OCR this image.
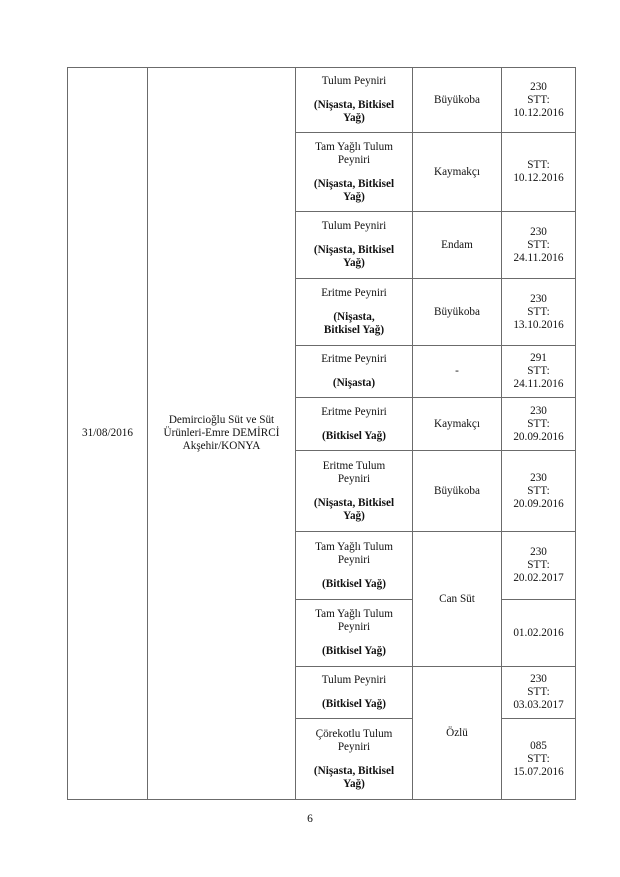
31/08/2016	Demircioğlu Süt ve Süt
Ürünleri-Emre DEMİRCİ
Akşehir/KONYA	Tulum Peyniri
(Nişasta, Bitkisel
Yağ)	Büyükoba	230
STT:
10.12.2016

		Tam Yağlı Tulum
Peyniri
(Nişasta, Bitkisel
Yağ)	Kaymakçı	STT:
10.12.2016

		Tulum Peyniri
(Nişasta, Bitkisel
Yağ)	Endam	230
STT:
24.11.2016

		Eritme Peyniri
(Nişasta,
Bitkisel Yağ)	Büyükoba	230
STT:
13.10.2016

		Eritme Peyniri
(Nişasta)	-	291
STT:
24.11.2016

		Eritme Peyniri
(Bitkisel Yağ)	Kaymakçı	230
STT:
20.09.2016

		Eritme Tulum
Peyniri
(Nişasta, Bitkisel
Yağ)	Büyükoba	230
STT:
20.09.2016

		Tam Yağlı Tulum
Peyniri
(Bitkisel Yağ)	Can Süt	230
STT:
20.02.2017

		Tam Yağlı Tulum
Peyniri
(Bitkisel Yağ)		01.02.2016

		Tulum Peyniri
(Bitkisel Yağ)	Özlü	230
STT:
03.03.2017

		Çörekotlu Tulum
Peyniri
(Nişasta, Bitkisel
Yağ)		085
STT:
15.07.2016
6
